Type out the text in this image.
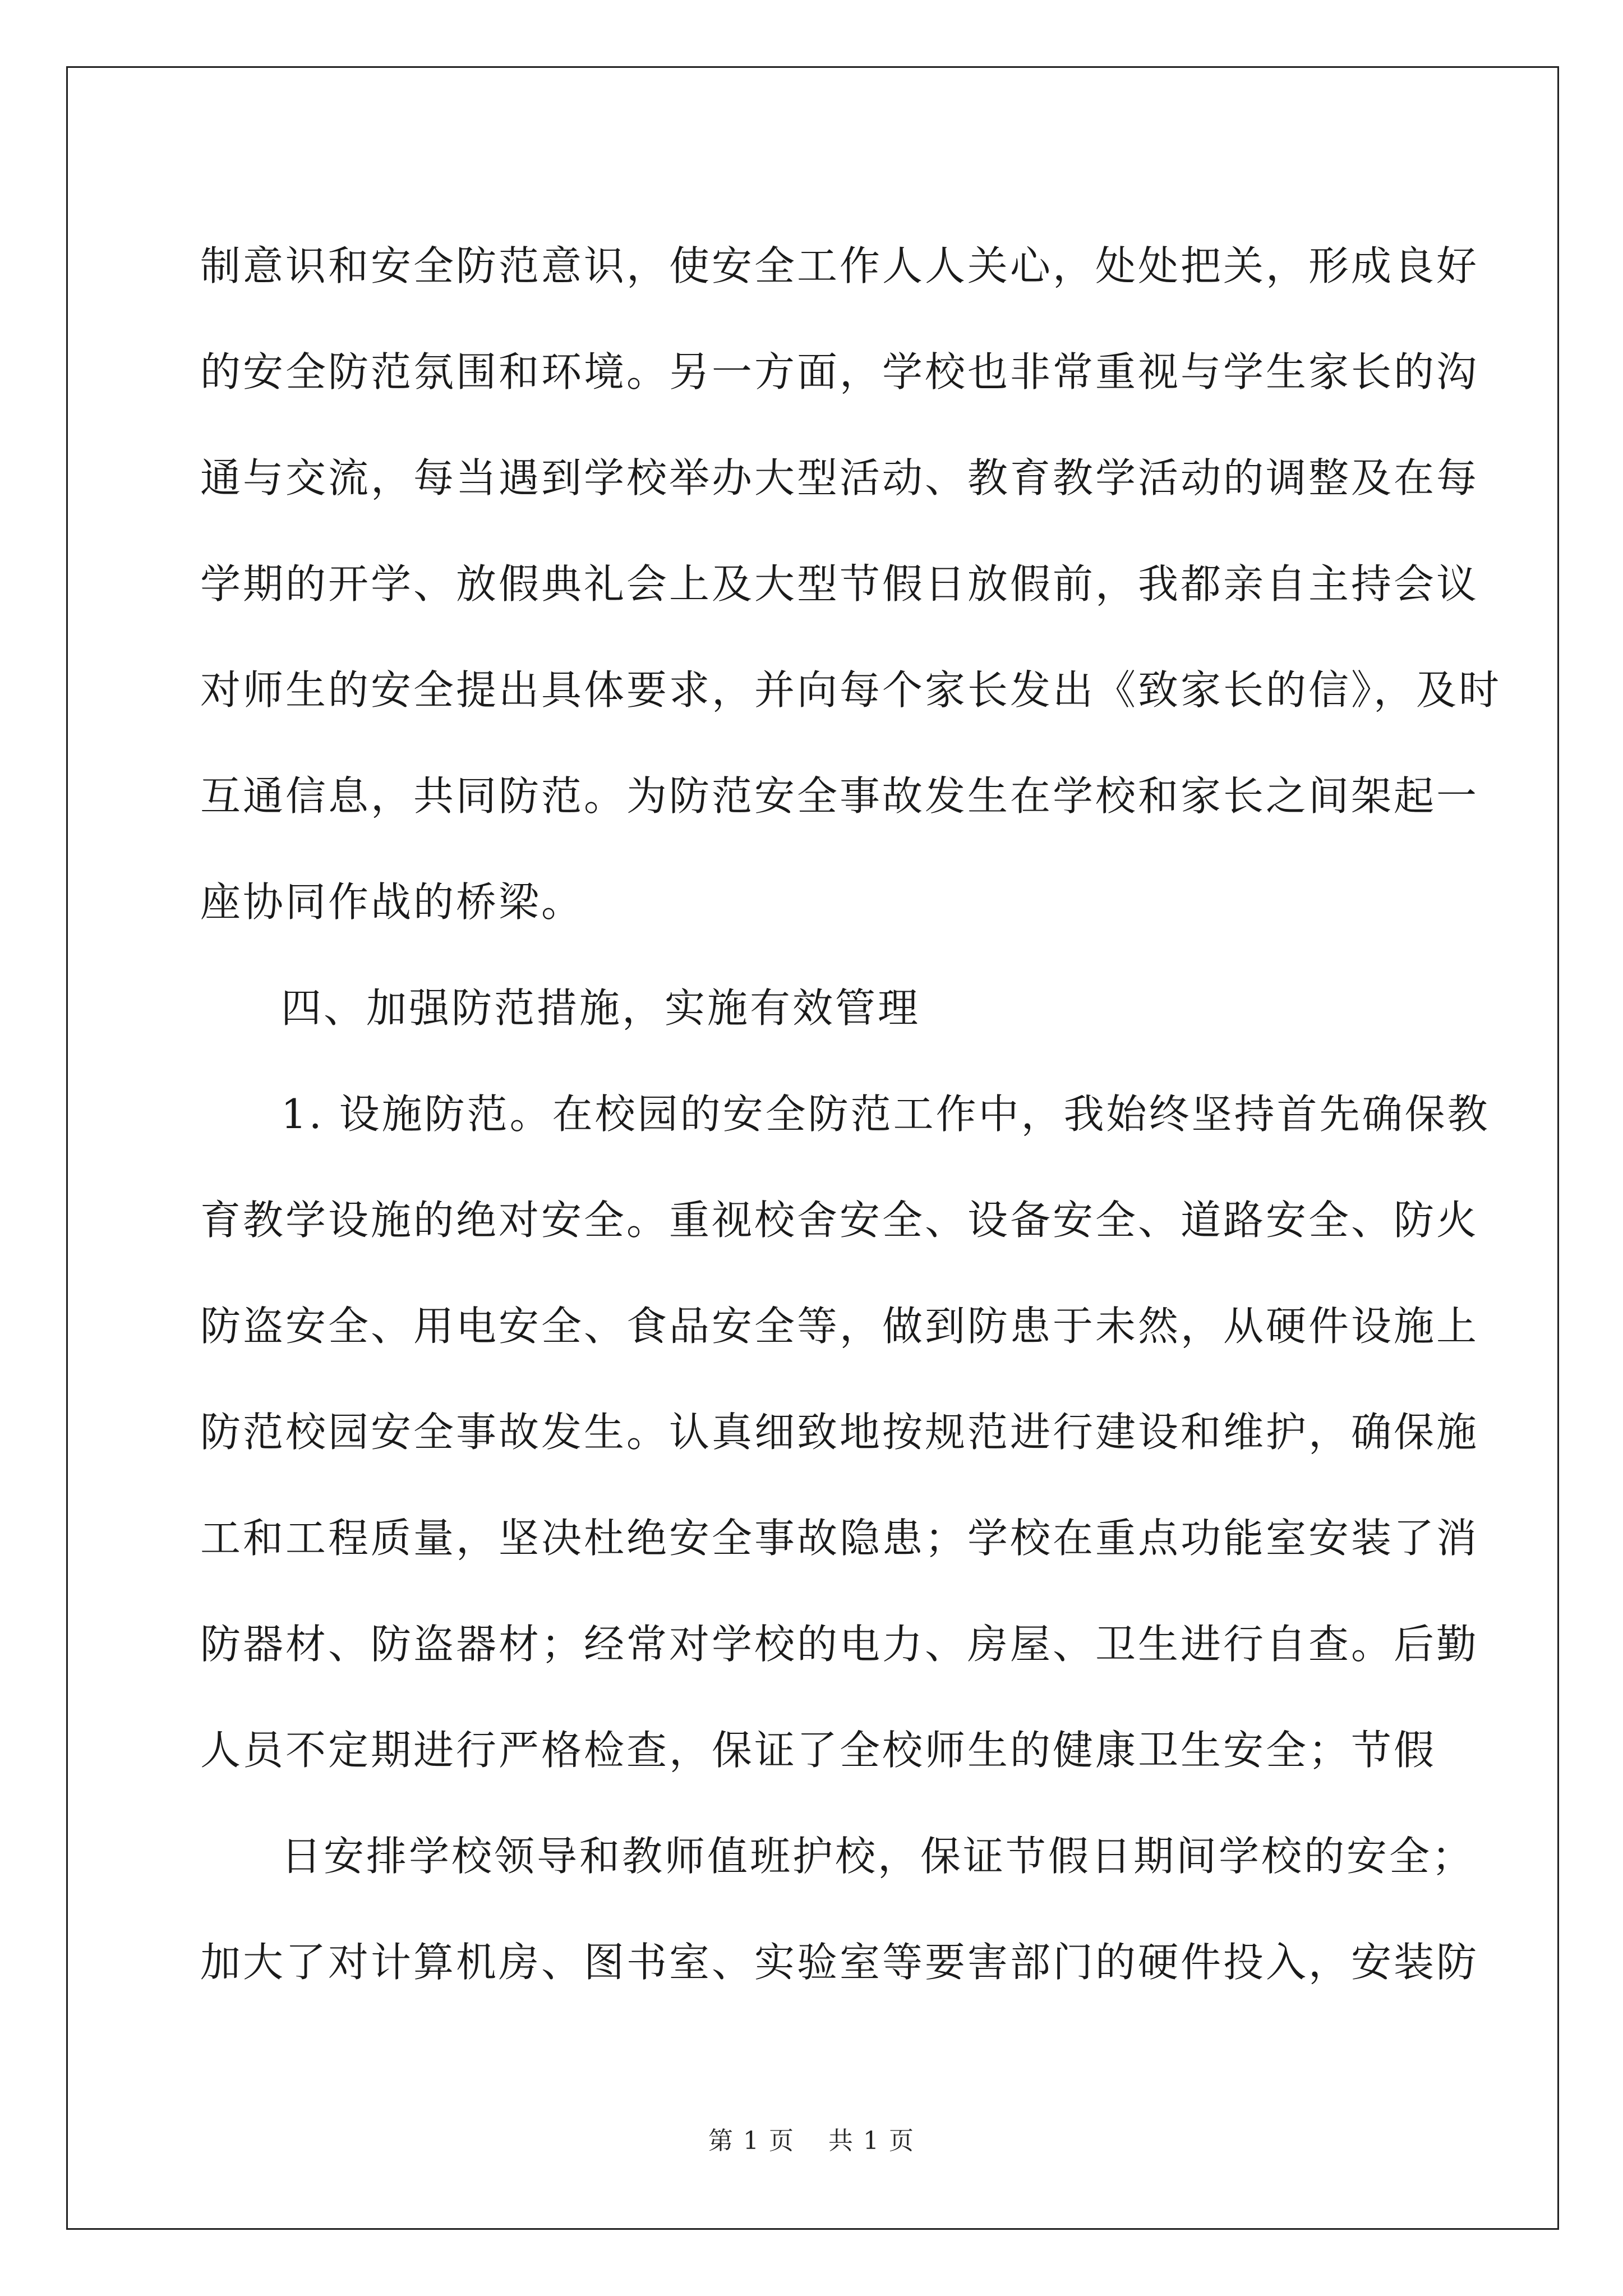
制意识和安全防范意识，使安全工作人人关心，处处把关，形成良好

的安全防范氛围和环境。另一方面，学校也非常重视与学生家长的沟

通与交流，每当遇到学校举办大型活动、教育教学活动的调整及在每

学期的开学、放假典礼会上及大型节假日放假前，我都亲自主持会议

对师生的安全提出具体要求，并向每个家长发出《致家长的信》，及时

互通信息，共同防范。为防范安全事故发生在学校和家长之间架起一

座协同作战的桥梁。

四、加强防范措施，实施有效管理

1. 设施防范。在校园的安全防范工作中，我始终坚持首先确保教

育教学设施的绝对安全。重视校舍安全、设备安全、道路安全、防火

防盗安全、用电安全、食品安全等，做到防患于未然，从硬件设施上

防范校园安全事故发生。认真细致地按规范进行建设和维护，确保施

工和工程质量，坚决杜绝安全事故隐患；学校在重点功能室安装了消

防器材、防盗器材；经常对学校的电力、房屋、卫生进行自查。后勤

人员不定期进行严格检查，保证了全校师生的健康卫生安全；节假

日安排学校领导和教师值班护校，保证节假日期间学校的安全；

加大了对计算机房、图书室、实验室等要害部门的硬件投入，安装防

第 1 页 共 1 页
